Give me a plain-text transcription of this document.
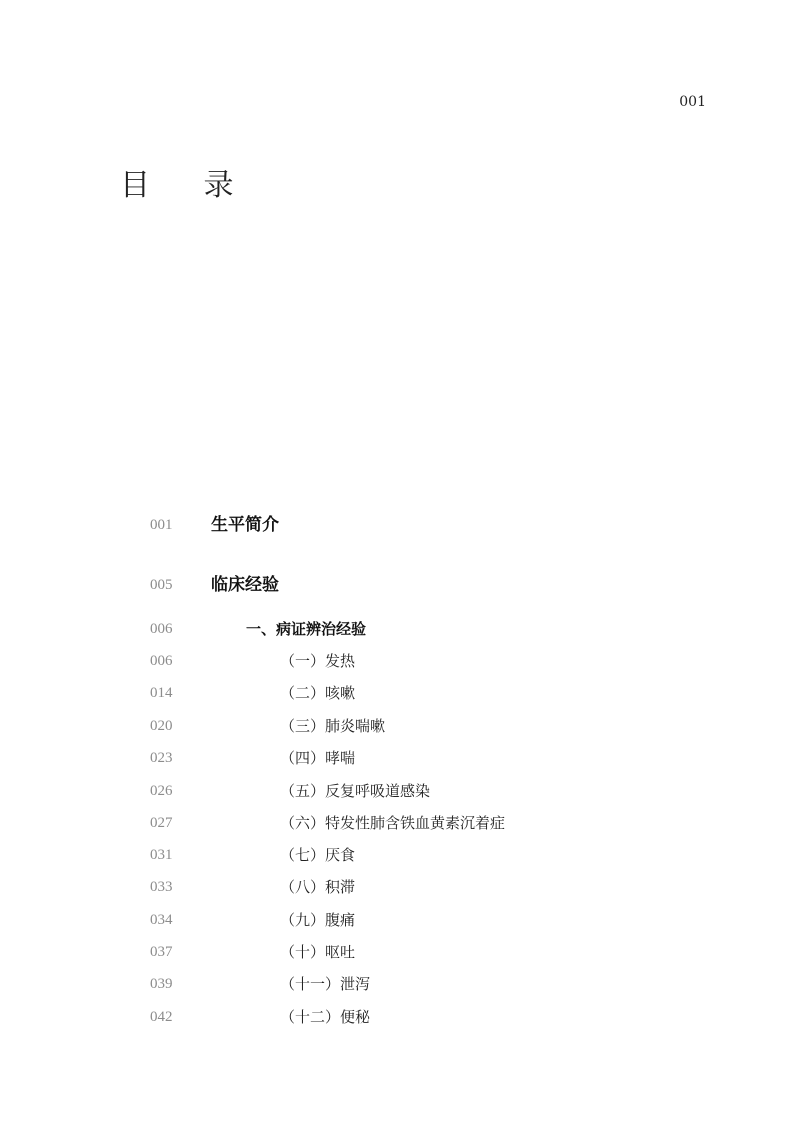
001
目 录
001	生平简介
005	临床经验
006	一、病证辨治经验
006	（一）发热
014	（二）咳嗽
020	（三）肺炎喘嗽
023	（四）哮喘
026	（五）反复呼吸道感染
027	（六）特发性肺含铁血黄素沉着症
031	（七）厌食
033	（八）积滞
034	（九）腹痛
037	（十）呕吐
039	（十一）泄泻
042	（十二）便秘
